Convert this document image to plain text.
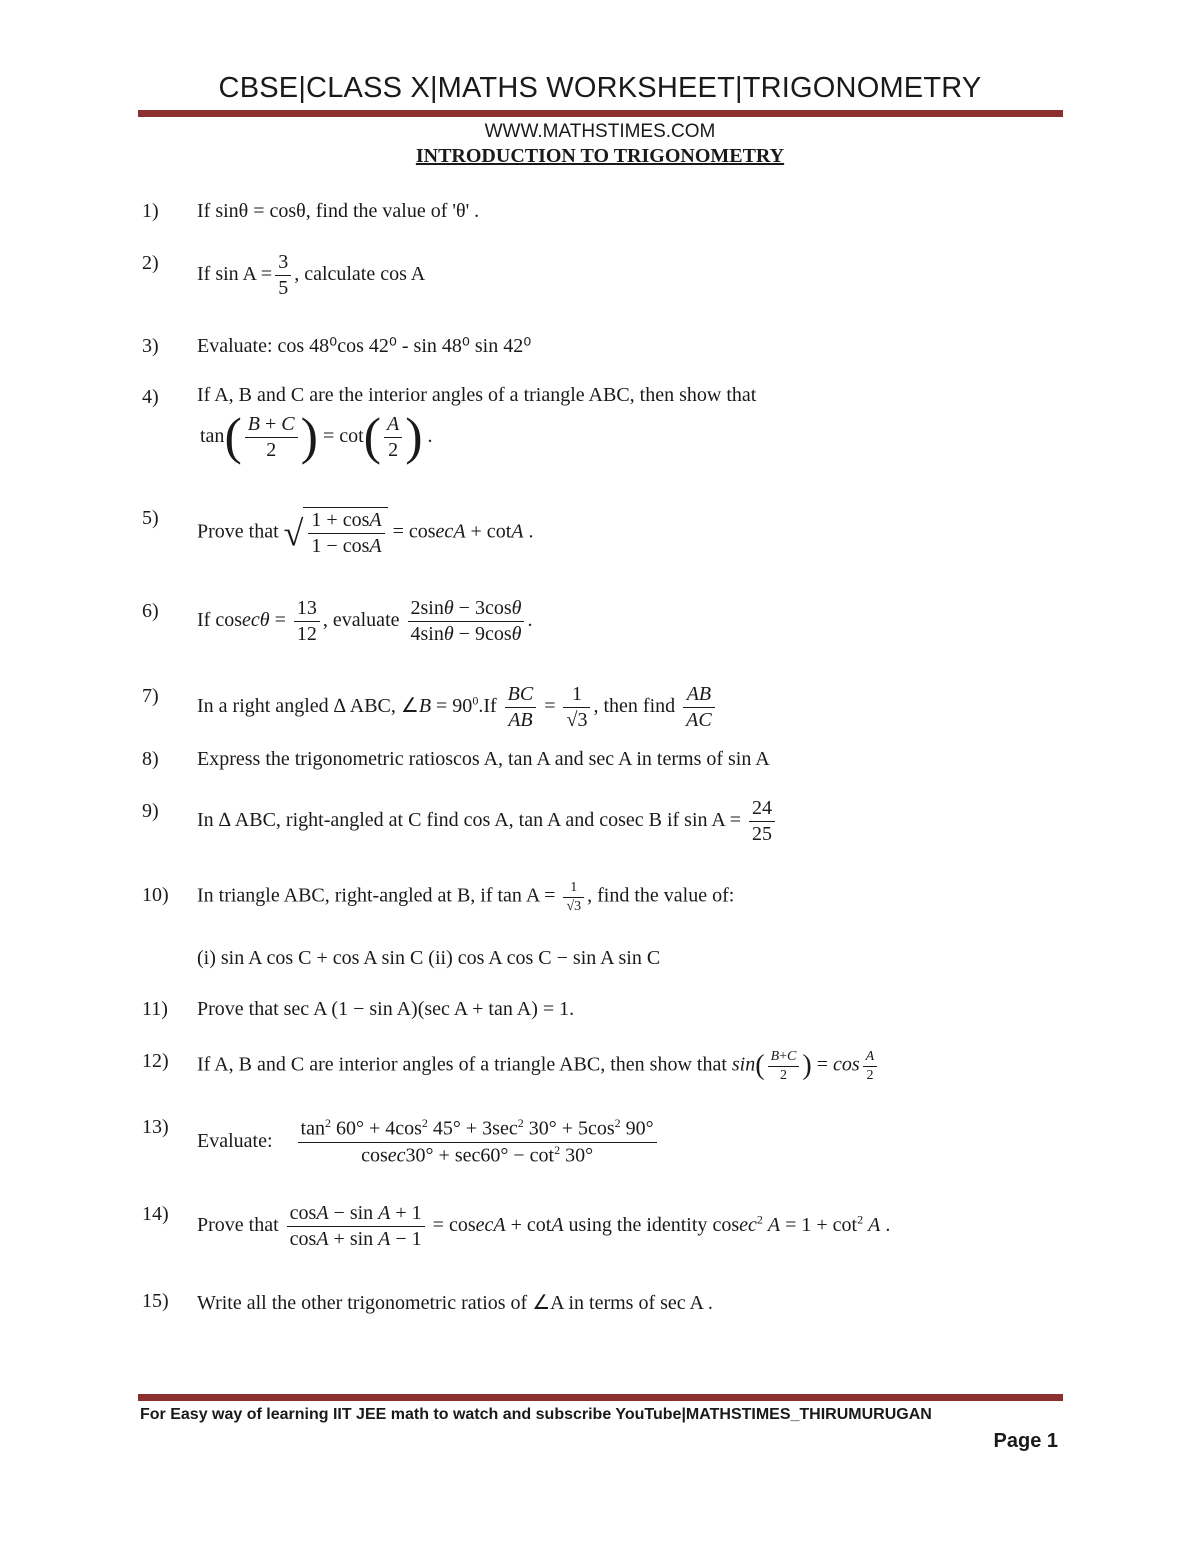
CBSE|CLASS X|MATHS WORKSHEET|TRIGONOMETRY
WWW.MATHSTIMES.COM
INTRODUCTION TO TRIGONOMETRY
1) If sinθ = cosθ, find the value of 'θ' .
2)
If $\sin A = \frac{3}{5}$ , calculate cos A
3) Evaluate: cos 48⁰cos 42⁰ - sin 48⁰ sin 42⁰
4) If A, B and C are the interior angles of a triangle ABC, then show that
$\tan( \frac{B + C}{2}$ ) = $\cot( \frac{A}{2}$ ) .
5)
Prove that √ $\frac{1 + \cos A}{1 - \cos A} = cosecA + \cot A$ .
6) If $cosec\theta = \frac{13}{12}$ , evaluate $\frac{2\sin\theta - 3\cos\theta}{4\sin\theta - 9\cos\theta}$ .
7) In a right angled ∆ ABC, ∠B = $90^0.If \frac{BC}{AB} = \frac{1}{√3}$ , then find $\frac{AB}{AC}$
8) Express the trigonometric ratioscos A, tan A and sec A in terms of sin A
9) In ∆ ABC, right-angled at C find cos A, tan A and cosec B if $\sin A = \frac{24}{25}$
10) In triangle ABC, right-angled at B, if $\tan A = \frac{1}{√3}$ , find the value of:
(i) sin A cos C + cos A sin C (ii) cos A cos C − sin A sin C
11) Prove that sec A (1 − sin A)(sec A + tan A) = 1.
12) If A, B and C are interior angles of a triangle ABC, then show that $\sin( \frac{B+C}{2}$ ) = $\cos \frac{A}{2}$
13)
Evaluate: $\frac{\tan^2 60^\circ + 4\cos^2 45^\circ + 3\sec^2 30^\circ + 5\cos^2 90^\circ}{cosec30^\circ + \sec 60^\circ - \cot^2 30^\circ}$
14)
Prove that $\frac{\text{cosA − sin A + 1}}{\text{cosA + sin A − 1}} = cosecA + \cot A$ using the identity cosec$^2$ $A = 1 + \cot^2 A$ .
15) Write all the other trigonometric ratios of ∠A in terms of sec A .
For Easy way of learning IIT JEE math to watch and subscribe YouTube|MATHSTIMES_THIRUMURUGAN
Page 1
